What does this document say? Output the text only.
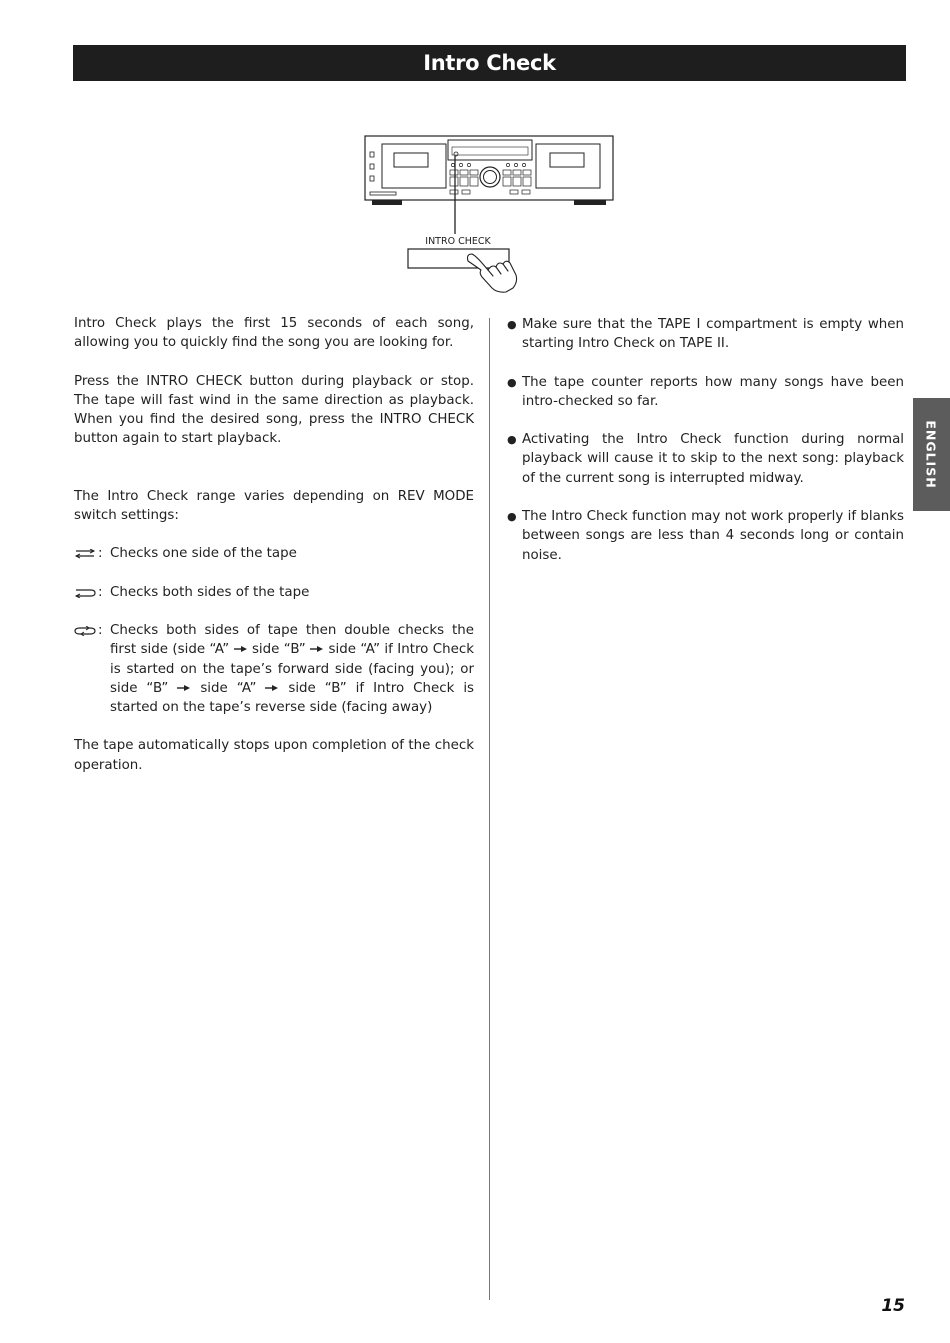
Intro Check
INTRO CHECK

Intro Check plays the first 15 seconds of each song, allowing you to quickly find the song you are looking for.

Press the INTRO CHECK button during playback or stop. The tape will fast wind in the same direction as playback. When you find the desired song, press the INTRO CHECK button again to start playback.

The Intro Check range varies depending on REV MODE switch settings:

: Checks one side of the tape
: Checks both sides of the tape
: Checks both sides of tape then double checks the first side (side “A” side “B” side “A” if Intro Check is started on the tape’s forward side (facing you); or side “B” side “A” side “B” if Intro Check is started on the tape’s reverse side (facing away)

The tape automatically stops upon completion of the check operation.

● Make sure that the TAPE I compartment is empty when starting Intro Check on TAPE II.
● The tape counter reports how many songs have been intro-checked so far.
● Activating the Intro Check function during normal playback will cause it to skip to the next song: playback of the current song is interrupted midway.
● The Intro Check function may not work properly if blanks between songs are less than 4 seconds long or contain noise.
ENGLISH
15
